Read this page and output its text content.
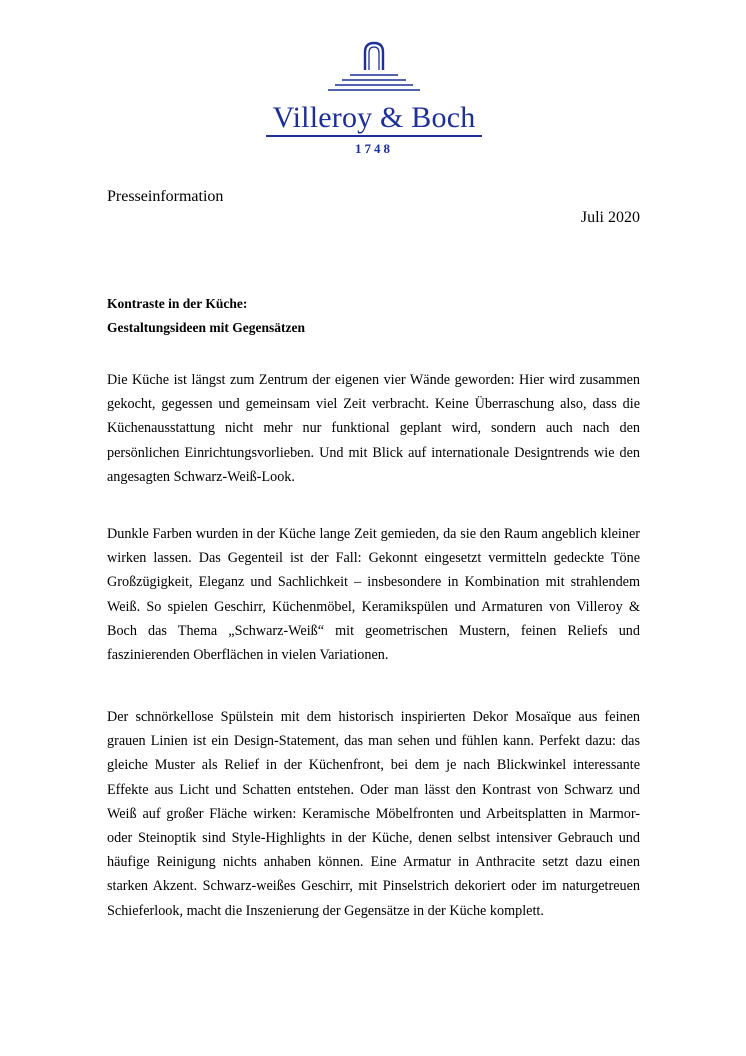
Villeroy & Boch
1748
Presseinformation
Juli 2020
Kontraste in der Küche:
Gestaltungsideen mit Gegensätzen
Die Küche ist längst zum Zentrum der eigenen vier Wände geworden: Hier wird zusammen gekocht, gegessen und gemeinsam viel Zeit verbracht. Keine Überraschung also, dass die Küchenausstattung nicht mehr nur funktional geplant wird, sondern auch nach den persönlichen Einrichtungsvorlieben. Und mit Blick auf internationale Designtrends wie den angesagten Schwarz-Weiß-Look.
Dunkle Farben wurden in der Küche lange Zeit gemieden, da sie den Raum angeblich kleiner wirken lassen. Das Gegenteil ist der Fall: Gekonnt eingesetzt vermitteln gedeckte Töne Großzügigkeit, Eleganz und Sachlichkeit – insbesondere in Kombination mit strahlendem Weiß. So spielen Geschirr, Küchenmöbel, Keramikspülen und Armaturen von Villeroy & Boch das Thema „Schwarz-Weiß“ mit geometrischen Mustern, feinen Reliefs und faszinierenden Oberflächen in vielen Variationen.
Der schnörkellose Spülstein mit dem historisch inspirierten Dekor Mosaïque aus feinen grauen Linien ist ein Design-Statement, das man sehen und fühlen kann. Perfekt dazu: das gleiche Muster als Relief in der Küchenfront, bei dem je nach Blickwinkel interessante Effekte aus Licht und Schatten entstehen. Oder man lässt den Kontrast von Schwarz und Weiß auf großer Fläche wirken: Keramische Möbelfronten und Arbeitsplatten in Marmor- oder Steinoptik sind Style-Highlights in der Küche, denen selbst intensiver Gebrauch und häufige Reinigung nichts anhaben können. Eine Armatur in Anthracite setzt dazu einen starken Akzent. Schwarz-weißes Geschirr, mit Pinselstrich dekoriert oder im naturgetreuen Schieferlook, macht die Inszenierung der Gegensätze in der Küche komplett.
